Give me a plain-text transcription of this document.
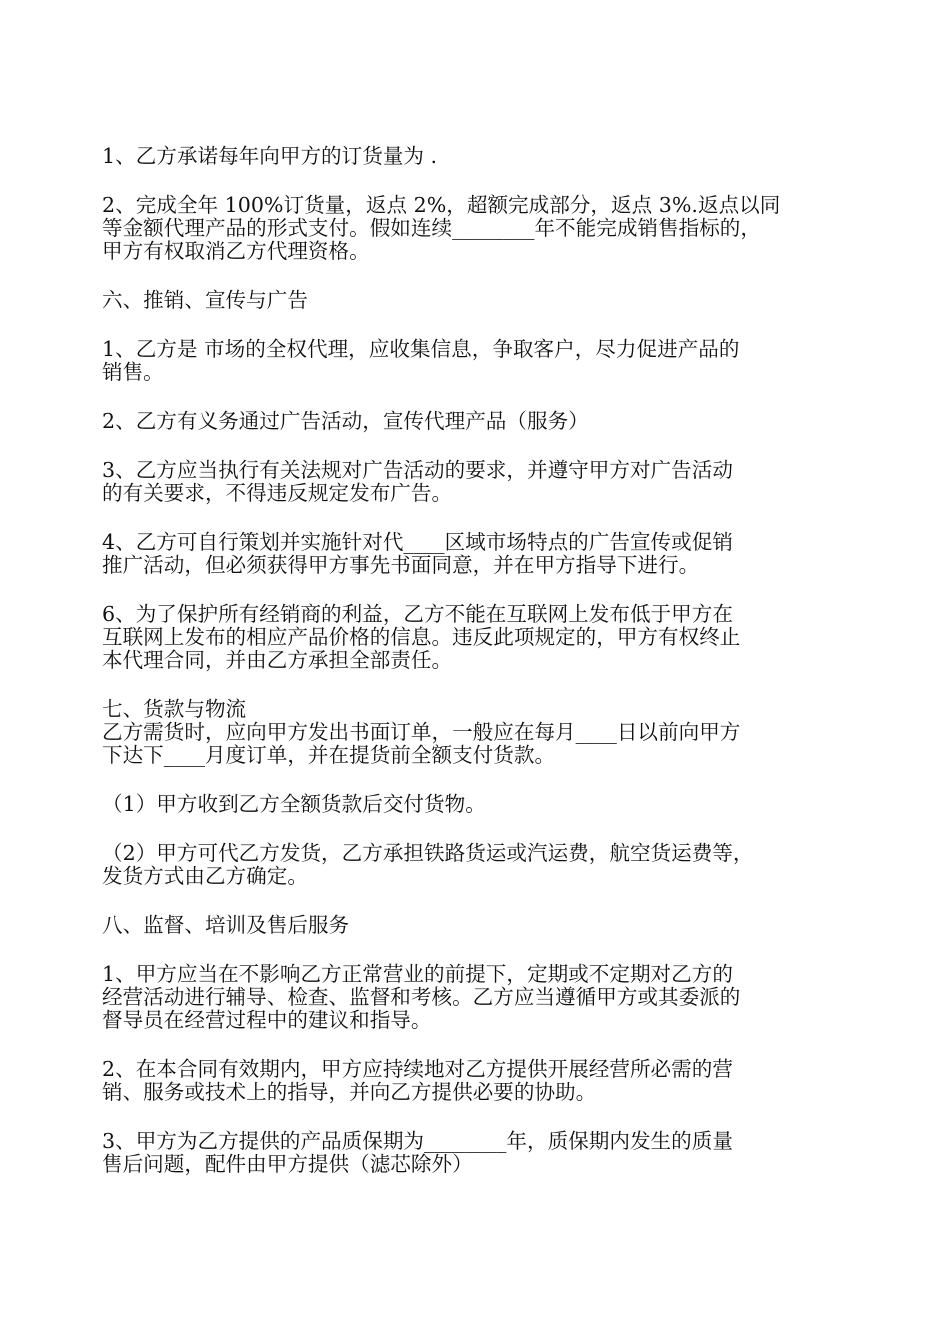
1、乙方承诺每年向甲方的订货量为 .

2、完成全年 100%订货量，返点 2%，超额完成部分，返点 3%.返点以同
等金额代理产品的形式支付。假如连续________年不能完成销售指标的，
甲方有权取消乙方代理资格。

六、推销、宣传与广告

1、乙方是 市场的全权代理，应收集信息，争取客户，尽力促进产品的
销售。

2、乙方有义务通过广告活动，宣传代理产品（服务）

3、乙方应当执行有关法规对广告活动的要求，并遵守甲方对广告活动
的有关要求，不得违反规定发布广告。

4、乙方可自行策划并实施针对代____区域市场特点的广告宣传或促销
推广活动，但必须获得甲方事先书面同意，并在甲方指导下进行。

6、为了保护所有经销商的利益，乙方不能在互联网上发布低于甲方在
互联网上发布的相应产品价格的信息。违反此项规定的，甲方有权终止
本代理合同，并由乙方承担全部责任。

七、货款与物流

乙方需货时，应向甲方发出书面订单，一般应在每月____日以前向甲方
下达下____月度订单，并在提货前全额支付货款。

（1）甲方收到乙方全额货款后交付货物。

（2）甲方可代乙方发货，乙方承担铁路货运或汽运费，航空货运费等，
发货方式由乙方确定。

八、监督、培训及售后服务

1、甲方应当在不影响乙方正常营业的前提下，定期或不定期对乙方的
经营活动进行辅导、检查、监督和考核。乙方应当遵循甲方或其委派的
督导员在经营过程中的建议和指导。

2、在本合同有效期内，甲方应持续地对乙方提供开展经营所必需的营
销、服务或技术上的指导，并向乙方提供必要的协助。

3、甲方为乙方提供的产品质保期为________年，质保期内发生的质量
售后问题，配件由甲方提供（滤芯除外）
